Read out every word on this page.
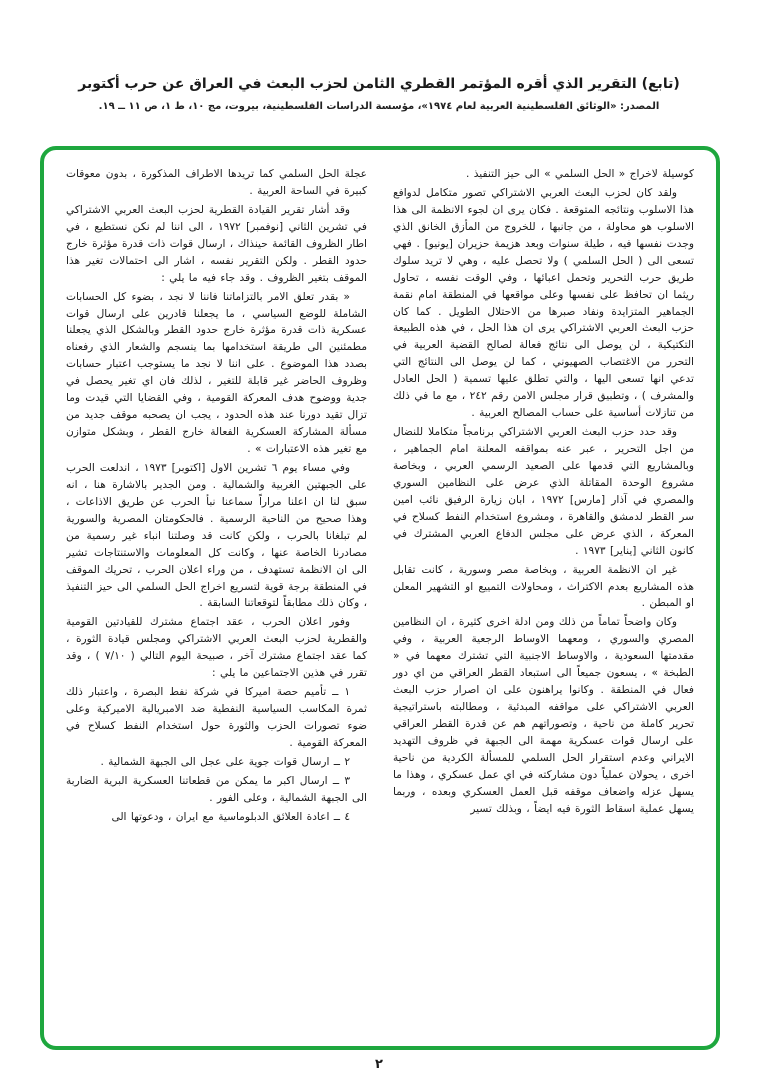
(تابع) التقرير الذي أقره المؤتمر القطري الثامن لحزب البعث في العراق عن حرب أكتوبر
المصدر: «الوثائق الفلسطينية العربية لعام ١٩٧٤»، مؤسسة الدراسات الفلسطينية، بيروت، مج ١٠، ط ١، ص ١١ ــ ١٩.

كوسيلة لاخراج « الحل السلمي » الى حيز التنفيذ .

ولقد كان لحزب البعث العربي الاشتراكي تصور متكامل لدوافع هذا الاسلوب ونتائجه المتوقعة . فكان يرى ان لجوء الانظمة الى هذا الاسلوب هو محاولة ، من جانبها ، للخروج من المأزق الخانق الذي وجدت نفسها فيه ، طيلة سنوات وبعد هزيمة حزيران [يونيو] . فهي تسعى الى ( الحل السلمي ) ولا تحصل عليه ، وهي لا تريد سلوك طريق حرب التحرير وتحمل اعبائها ، وفي الوقت نفسه ، تحاول ريثما ان تحافظ على نفسها وعلى مواقعها في المنطقة امام نقمة الجماهير المتزايدة ونفاد صبرها من الاحتلال الطويل . كما كان حزب البعث العربي الاشتراكي يرى ان هذا الحل ، في هذه الطبيعة التكتيكية ، لن يوصل الى نتائج فعالة لصالح القضية العربية في التحرر من الاغتصاب الصهيوني ، كما لن يوصل الى النتائج التي تدعي انها تسعى اليها ، والتي تطلق عليها تسمية ( الحل العادل والمشرف ) ، وتطبيق قرار مجلس الامن رقم ٢٤٢ ، مع ما في ذلك من تنازلات أساسية على حساب المصالح العربية .

وقد حدد حزب البعث العربي الاشتراكي برنامجاً متكاملا للنضال من اجل التحرير ، عبر عنه بمواقفه المعلنة امام الجماهير ، وبالمشاريع التي قدمها على الصعيد الرسمي العربي ، وبخاصة مشروع الوحدة المقاتلة الذي عرض على النظامين السوري والمصري في آذار [مارس] ١٩٧٢ ، ابان زيارة الرفيق نائب امين سر القطر لدمشق والقاهرة ، ومشروع استخدام النفط كسلاح في المعركة ، الذي عرض على مجلس الدفاع العربي المشترك في كانون الثاني [يناير] ١٩٧٣ .

غير ان الانظمة العربية ، وبخاصة مصر وسورية ، كانت تقابل هذه المشاريع بعدم الاكتراث ، ومحاولات التمييع او التشهير المعلن او المبطن .

وكان واضحاً تماماً من ذلك ومن ادلة اخرى كثيرة ، ان النظامين المصري والسوري ، ومعهما الاوساط الرجعية العربية ، وفي مقدمتها السعودية ، والاوساط الاجنبية التي تشترك معهما في « الطبخة » ، يسعون جميعاً الى استبعاد القطر العراقي من اي دور فعال في المنطقة . وكانوا يراهنون على ان اصرار حزب البعث العربي الاشتراكي على مواقفه المبدئية ، ومطالبته باستراتيجية تحرير كاملة من ناحية ، وتصوراتهم هم عن قدرة القطر العراقي على ارسال قوات عسكرية مهمة الى الجبهة في ظروف التهديد الايراني وعدم استقرار الحل السلمي للمسألة الكردية من ناحية اخرى ، يحولان عملياً دون مشاركته في اي عمل عسكري ، وهذا ما يسهل عزله واضعاف موقفه قبل العمل العسكري وبعده ، وربما يسهل عملية اسقاط الثورة فيه ايضاً ، وبذلك تسير

عجلة الحل السلمي كما تريدها الاطراف المذكورة ، بدون معوقات كبيرة في الساحة العربية .

وقد أشار تقرير القيادة القطرية لحزب البعث العربي الاشتراكي في تشرين الثاني [نوفمبر] ١٩٧٢ ، الى اننا لم نكن نستطيع ، في اطار الظروف القائمة حينذاك ، ارسال قوات ذات قدرة مؤثرة خارج حدود القطر . ولكن التقرير نفسه ، اشار الى احتمالات تغير هذا الموقف بتغير الظروف . وقد جاء فيه ما يلي :

« بقدر تعلق الامر بالتزاماتنا فاننا لا نجد ، بضوء كل الحسابات الشاملة للوضع السياسي ، ما يجعلنا قادرين على ارسال قوات عسكرية ذات قدرة مؤثرة خارج حدود القطر وبالشكل الذي يجعلنا مطمئنين الى طريقة استخدامها بما ينسجم والشعار الذي رفعناه بصدد هذا الموضوع . على اننا لا نجد ما يستوجب اعتبار حسابات وظروف الحاضر غير قابلة للتغير ، لذلك فان اي تغير يحصل في جدية ووضوح هدف المعركة القومية ، وفي القضايا التي قيدت وما تزال تقيد دورنا عند هذه الحدود ، يجب ان يصحبه موقف جديد من مسألة المشاركة العسكرية الفعالة خارج القطر ، وبشكل متوازن مع تغير هذه الاعتبارات » .

وفي مساء يوم ٦ تشرين الاول [اكتوبر] ١٩٧٣ ، اندلعت الحرب على الجبهتين الغربية والشمالية . ومن الجدير بالاشارة هنا ، انه سبق لنا ان اعلنا مراراً سماعنا نبأ الحرب عن طريق الاذاعات ، وهذا صحيح من الناحية الرسمية . فالحكومتان المصرية والسورية لم تبلغانا بالحرب ، ولكن كانت قد وصلتنا انباء غير رسمية من مصادرنا الخاصة عنها ، وكانت كل المعلومات والاستنتاجات تشير الى ان الانظمة تستهدف ، من وراء اعلان الحرب ، تحريك الموقف في المنطقة برجة قوية لتسريع اخراج الحل السلمي الى حيز التنفيذ ، وكان ذلك مطابقاً لتوقعاتنا السابقة .

وفور اعلان الحرب ، عقد اجتماع مشترك للقيادتين القومية والقطرية لحزب البعث العربي الاشتراكي ومجلس قيادة الثورة ، كما عقد اجتماع مشترك آخر ، صبيحة اليوم التالي ( ٧/١٠ ) ، وقد تقرر في هذين الاجتماعين ما يلي :

١ ــ تأميم حصة اميركا في شركة نفط البصرة ، واعتبار ذلك ثمرة المكاسب السياسية النفطية ضد الامبريالية الاميركية وعلى ضوء تصورات الحزب والثورة حول استخدام النفط كسلاح في المعركة القومية .

٢ ــ ارسال قوات جوية على عجل الى الجبهة الشمالية .

٣ ــ ارسال اكبر ما يمكن من قطعاتنا العسكرية البرية الضاربة الى الجبهة الشمالية ، وعلى الفور .

٤ ــ اعادة العلائق الدبلوماسية مع ايران ، ودعوتها الى

٢
